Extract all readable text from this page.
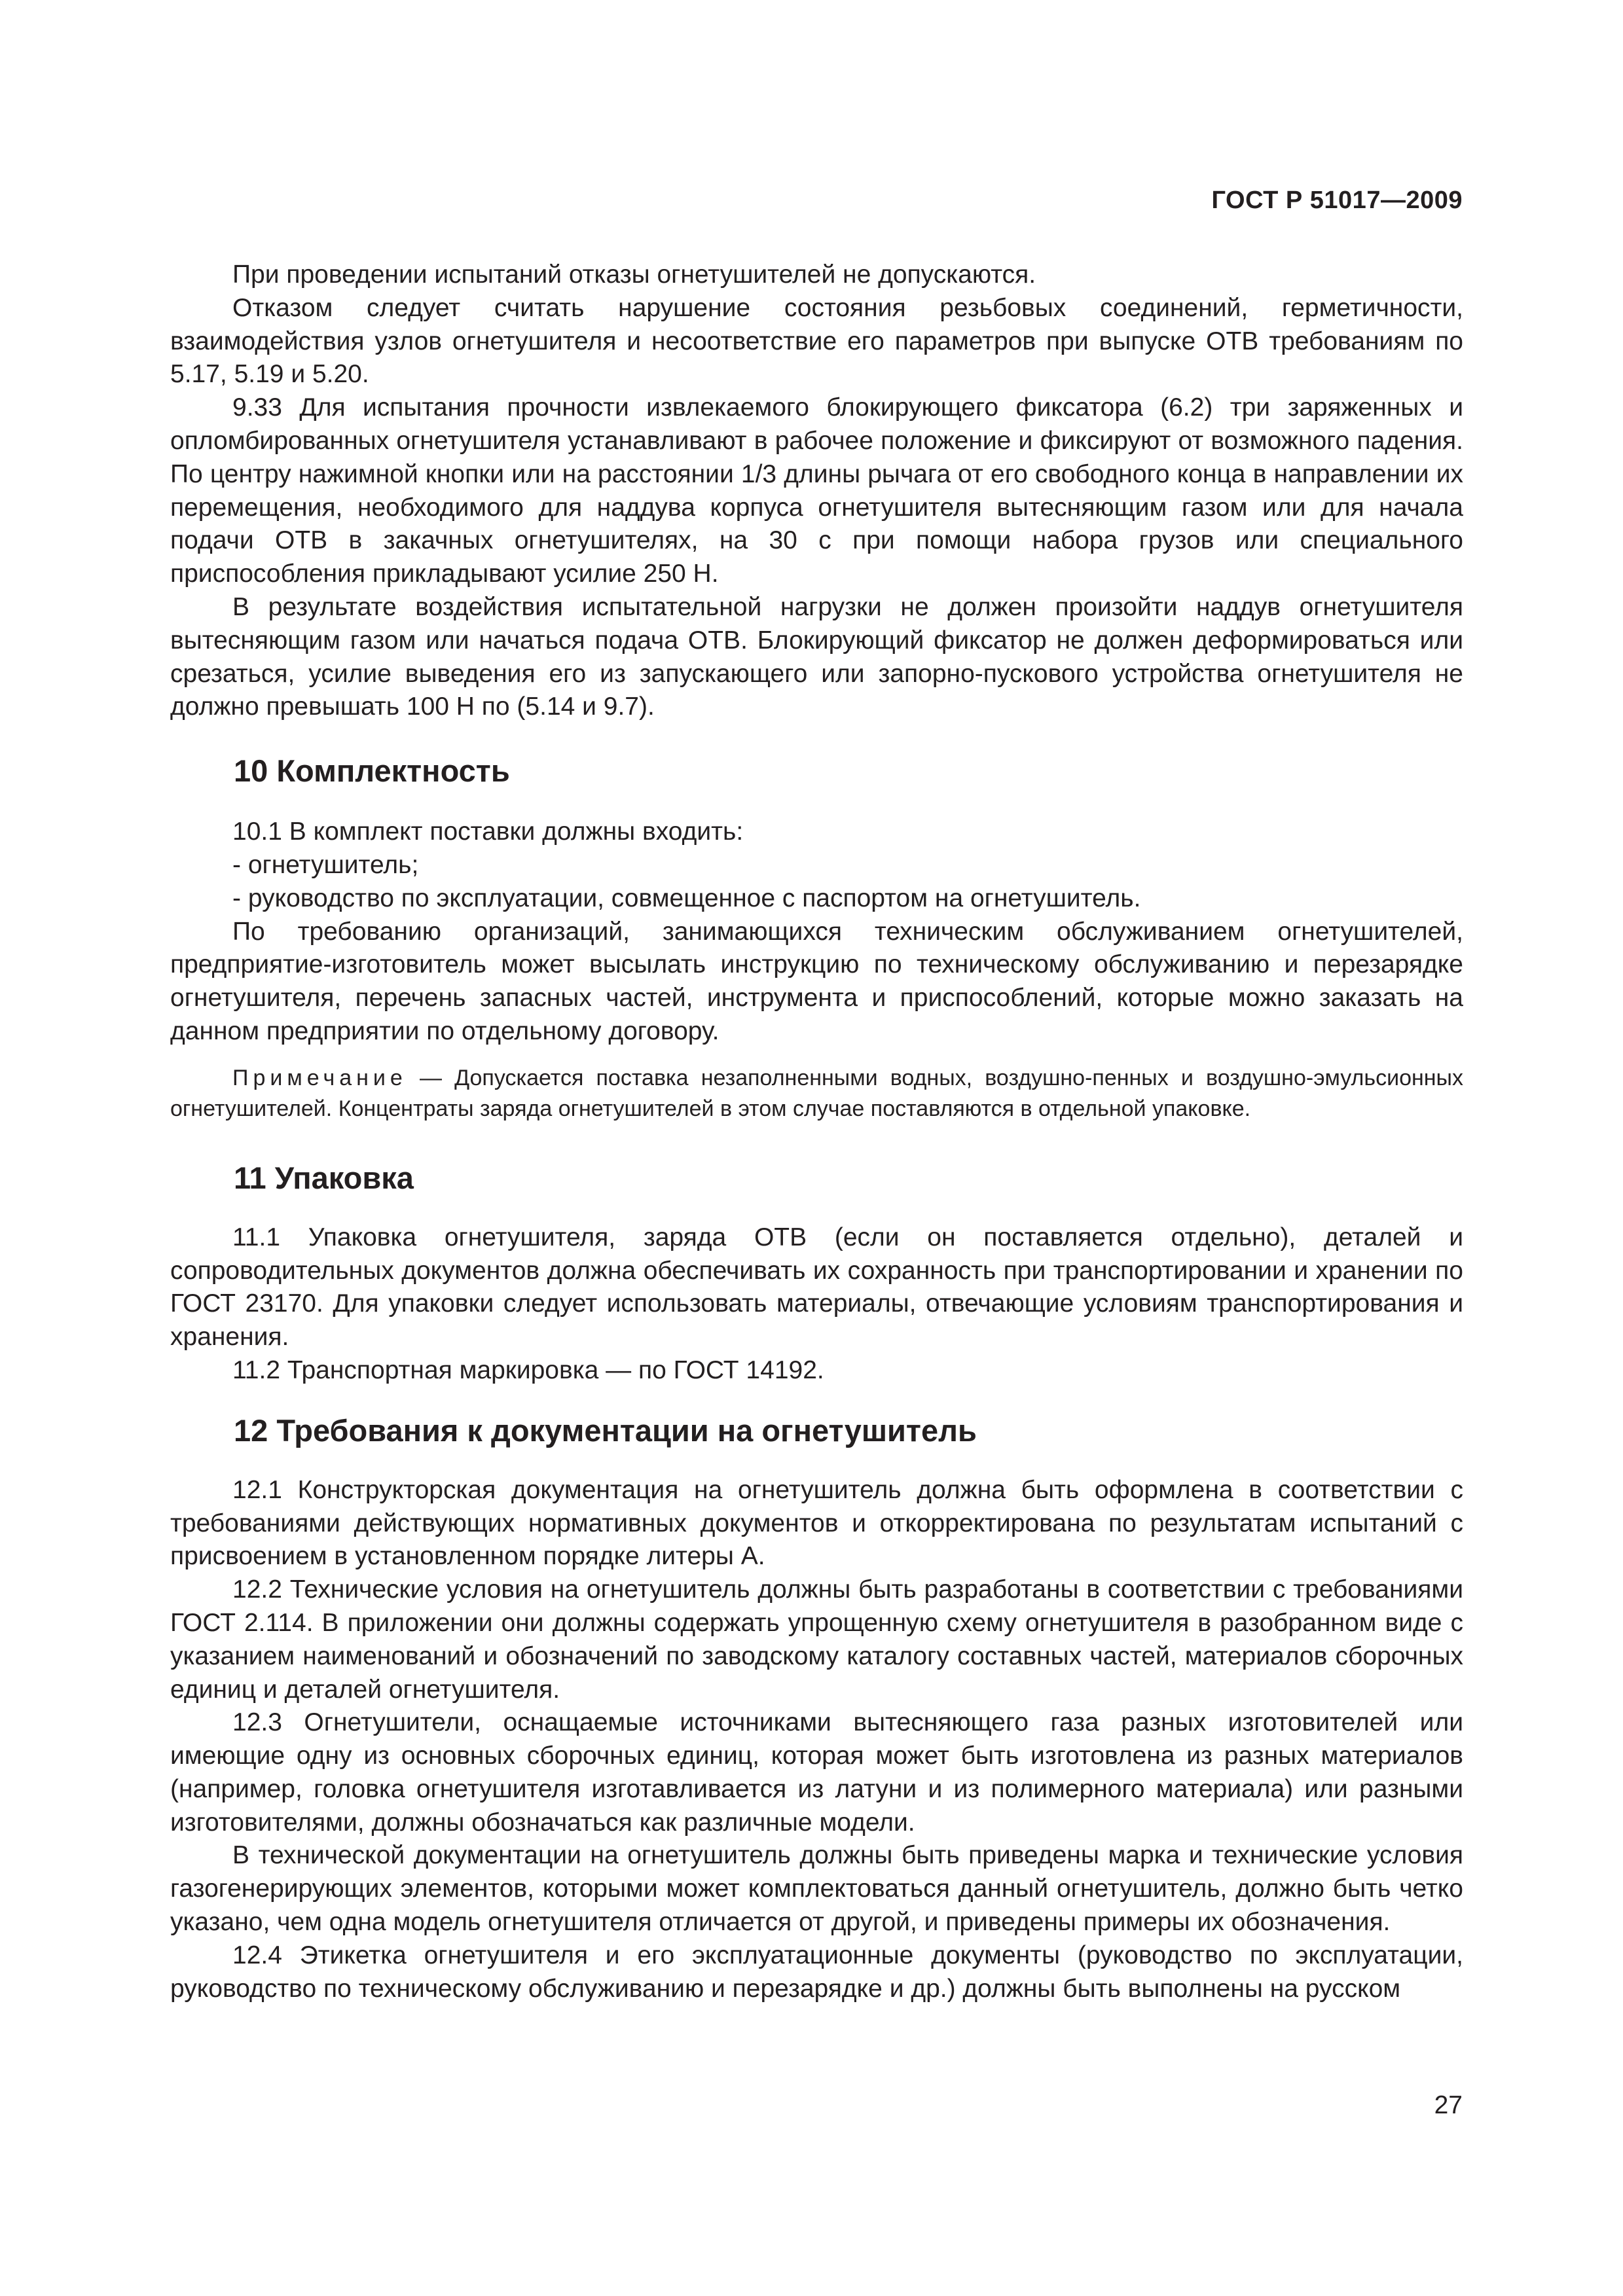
ГОСТ Р 51017—2009

При проведении испытаний отказы огнетушителей не допускаются.

Отказом следует считать нарушение состояния резьбовых соединений, герметичности, взаимодействия узлов огнетушителя и несоответствие его параметров при выпуске ОТВ требованиям по 5.17, 5.19 и 5.20.

9.33 Для испытания прочности извлекаемого блокирующего фиксатора (6.2) три заряженных и опломбированных огнетушителя устанавливают в рабочее положение и фиксируют от возможного падения. По центру нажимной кнопки или на расстоянии 1/3 длины рычага от его свободного конца в направлении их перемещения, необходимого для наддува корпуса огнетушителя вытесняющим газом или для начала подачи ОТВ в закачных огнетушителях, на 30 с при помощи набора грузов или специального приспособления прикладывают усилие 250 Н.

В результате воздействия испытательной нагрузки не должен произойти наддув огнетушителя вытесняющим газом или начаться подача ОТВ. Блокирующий фиксатор не должен деформироваться или срезаться, усилие выведения его из запускающего или запорно-пускового устройства огнетушителя не должно превышать 100 Н по (5.14 и 9.7).

10 Комплектность

10.1 В комплект поставки должны входить:

- огнетушитель;

- руководство по эксплуатации, совмещенное с паспортом на огнетушитель.

По требованию организаций, занимающихся техническим обслуживанием огнетушителей, предприятие-изготовитель может высылать инструкцию по техническому обслуживанию и перезарядке огнетушителя, перечень запасных частей, инструмента и приспособлений, которые можно заказать на данном предприятии по отдельному договору.

Примечание — Допускается поставка незаполненными водных, воздушно-пенных и воздушно-эмульсионных огнетушителей. Концентраты заряда огнетушителей в этом случае поставляются в отдельной упаковке.

11 Упаковка

11.1 Упаковка огнетушителя, заряда ОТВ (если он поставляется отдельно), деталей и сопроводительных документов должна обеспечивать их сохранность при транспортировании и хранении по ГОСТ 23170. Для упаковки следует использовать материалы, отвечающие условиям транспортирования и хранения.

11.2 Транспортная маркировка — по ГОСТ 14192.

12 Требования к документации на огнетушитель

12.1 Конструкторская документация на огнетушитель должна быть оформлена в соответствии с требованиями действующих нормативных документов и откорректирована по результатам испытаний с присвоением в установленном порядке литеры А.

12.2 Технические условия на огнетушитель должны быть разработаны в соответствии с требованиями ГОСТ 2.114. В приложении они должны содержать упрощенную схему огнетушителя в разобранном виде с указанием наименований и обозначений по заводскому каталогу составных частей, материалов сборочных единиц и деталей огнетушителя.

12.3 Огнетушители, оснащаемые источниками вытесняющего газа разных изготовителей или имеющие одну из основных сборочных единиц, которая может быть изготовлена из разных материалов (например, головка огнетушителя изготавливается из латуни и из полимерного материала) или разными изготовителями, должны обозначаться как различные модели.

В технической документации на огнетушитель должны быть приведены марка и технические условия газогенерирующих элементов, которыми может комплектоваться данный огнетушитель, должно быть четко указано, чем одна модель огнетушителя отличается от другой, и приведены примеры их обозначения.

12.4 Этикетка огнетушителя и его эксплуатационные документы (руководство по эксплуатации, руководство по техническому обслуживанию и перезарядке и др.) должны быть выполнены на русском

27
